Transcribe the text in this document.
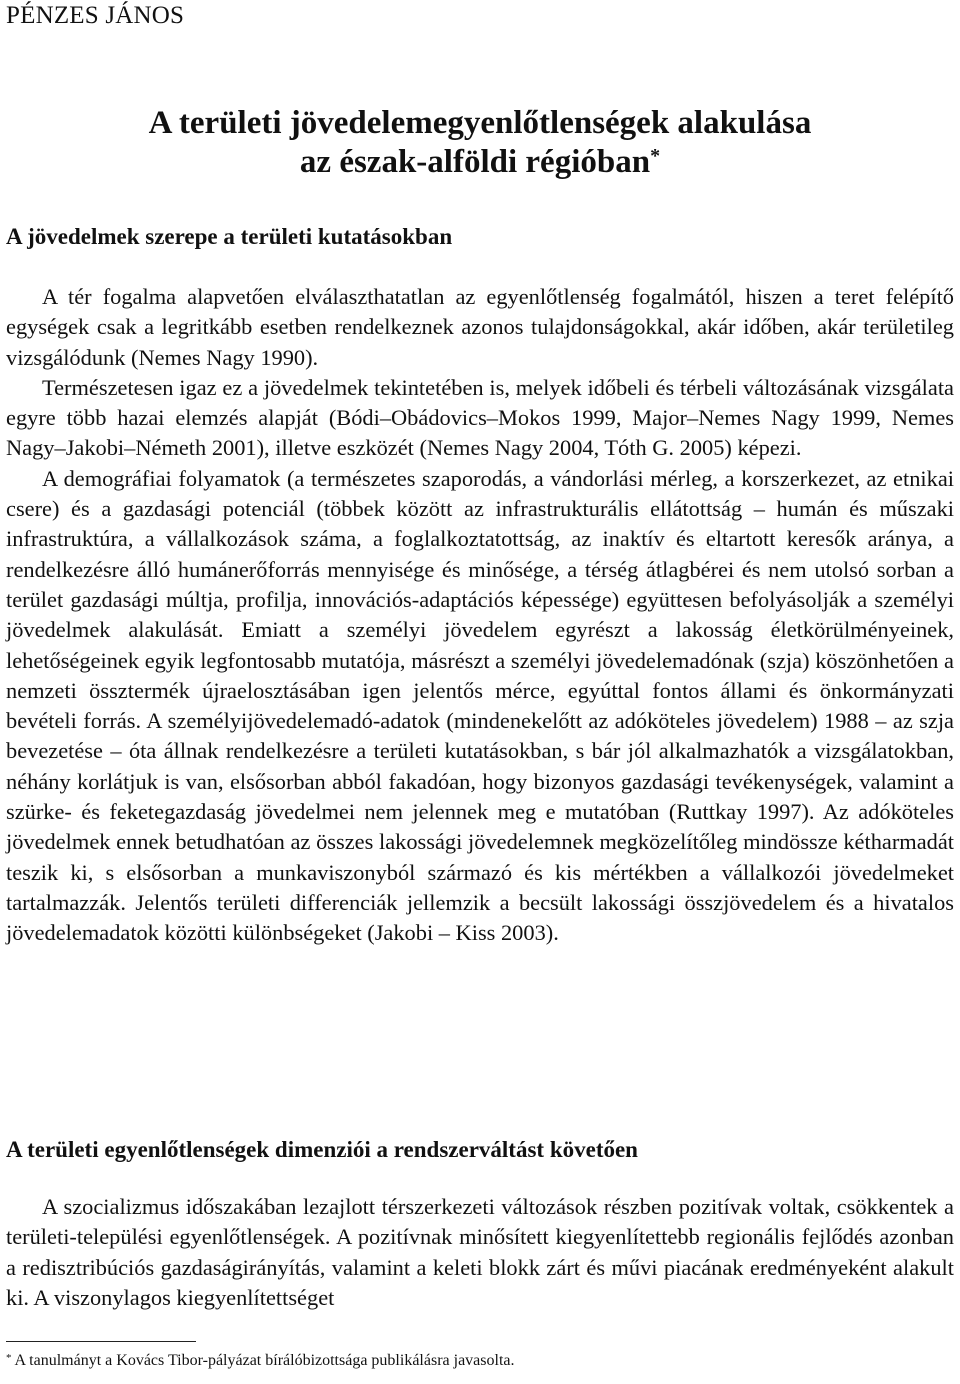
PÉNZES JÁNOS
A területi jövedelemegyenlőtlenségek alakulása
az észak-alföldi régióban*
A jövedelmek szerepe a területi kutatásokban

A tér fogalma alapvetően elválaszthatatlan az egyenlőtlenség fogalmától, hiszen a teret felépítő egységek csak a legritkább esetben rendelkeznek azonos tulajdonságokkal, akár időben, akár területileg vizsgálódunk (Nemes Nagy 1990).

Természetesen igaz ez a jövedelmek tekintetében is, melyek időbeli és térbeli változásának vizsgálata egyre több hazai elemzés alapját (Bódi–Obádovics–Mokos 1999, Major–Nemes Nagy 1999, Nemes Nagy–Jakobi–Németh 2001), illetve eszközét (Nemes Nagy 2004, Tóth G. 2005) képezi.

A demográfiai folyamatok (a természetes szaporodás, a vándorlási mérleg, a korszerkezet, az etnikai csere) és a gazdasági potenciál (többek között az infrastrukturális ellátottság – humán és műszaki infrastruktúra, a vállalkozások száma, a foglalkoztatottság, az inaktív és eltartott keresők aránya, a rendelkezésre álló humánerőforrás mennyisége és minősége, a térség átlagbérei és nem utolsó sorban a terület gazdasági múltja, profilja, innovációs-adaptációs képessége) együttesen befolyásolják a személyi jövedelmek alakulását. Emiatt a személyi jövedelem egyrészt a lakosság életkörülményeinek, lehetőségeinek egyik legfontosabb mutatója, másrészt a személyi jövedelemadónak (szja) köszönhetően a nemzeti össztermék újraelosztásában igen jelentős mérce, egyúttal fontos állami és önkormányzati bevételi forrás. A személyijövedelemadó-adatok (mindenekelőtt az adóköteles jövedelem) 1988 – az szja bevezetése – óta állnak rendelkezésre a területi kutatásokban, s bár jól alkalmazhatók a vizsgálatokban, néhány korlátjuk is van, elsősorban abból fakadóan, hogy bizonyos gazdasági tevékenységek, valamint a szürke- és feketegazdaság jövedelmei nem jelennek meg e mutatóban (Ruttkay 1997). Az adóköteles jövedelmek ennek betudhatóan az összes lakossági jövedelemnek megközelítőleg mindössze kétharmadát teszik ki, s elsősorban a munkaviszonyból származó és kis mértékben a vállalkozói jövedelmeket tartalmazzák. Jelentős területi differenciák jellemzik a becsült lakossági összjövedelem és a hivatalos jövedelemadatok közötti különbségeket (Jakobi – Kiss 2003).

A területi egyenlőtlenségek dimenziói a rendszerváltást követően

A szocializmus időszakában lezajlott térszerkezeti változások részben pozitívak voltak, csökkentek a területi-települési egyenlőtlenségek. A pozitívnak minősített kiegyenlítettebb regionális fejlődés azonban a redisztribúciós gazdaságirányítás, valamint a keleti blokk zárt és művi piacának eredményeként alakult ki. A viszonylagos kiegyenlítettséget

* A tanulmányt a Kovács Tibor-pályázat bírálóbizottsága publikálásra javasolta.
